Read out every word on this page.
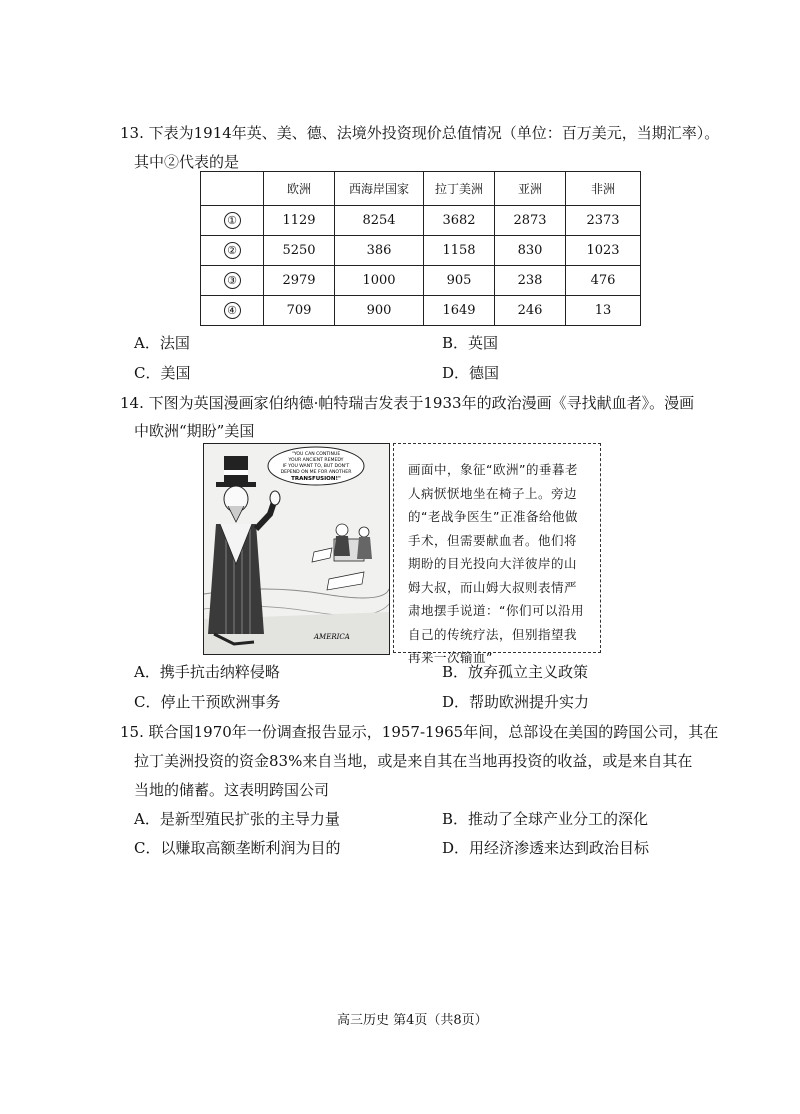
13. 下表为1914年英、美、德、法境外投资现价总值情况（单位：百万美元，当期汇率）。
其中②代表的是
	欧洲	西海岸国家	拉丁美洲	亚洲	非洲
①	1129	8254	3682	2873	2373
②	5250	386	1158	830	1023
③	2979	1000	905	238	476
④	709	900	1649	246	13
A．法国	B．英国
C．美国	D．德国
14. 下图为英国漫画家伯纳德·帕特瑞吉发表于1933年的政治漫画《寻找献血者》。漫画
中欧洲“期盼”美国
"YOU CAN CONTINUE
YOUR ANCIENT REMEDY
IF YOU WANT TO, BUT DON'T
DEPEND ON ME FOR ANOTHER
TRANSFUSION!"
AMERICA
画面中，象征“欧洲”的垂暮老人病恹恹地坐在椅子上。旁边的“老战争医生”正准备给他做手术，但需要献血者。他们将期盼的目光投向大洋彼岸的山姆大叔，而山姆大叔则表情严肃地摆手说道：“你们可以沿用自己的传统疗法，但别指望我再来一次输血”
A．携手抗击纳粹侵略	B．放弃孤立主义政策
C．停止干预欧洲事务	D．帮助欧洲提升实力
15. 联合国1970年一份调查报告显示，1957-1965年间，总部设在美国的跨国公司，其在
拉丁美洲投资的资金83%来自当地，或是来自其在当地再投资的收益，或是来自其在
当地的储蓄。这表明跨国公司
A．是新型殖民扩张的主导力量	B．推动了全球产业分工的深化
C．以赚取高额垄断利润为目的	D．用经济渗透来达到政治目标
高三历史 第4页（共8页）
